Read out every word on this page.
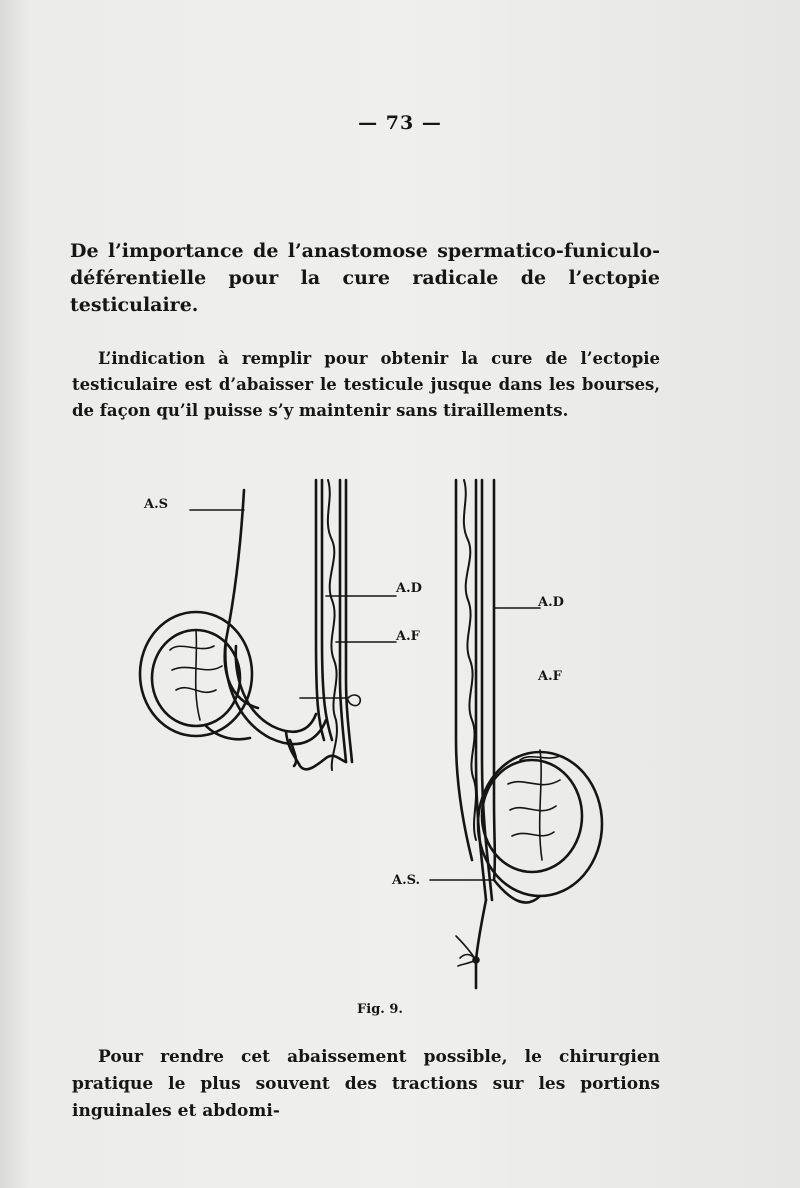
— 73 —
De l’importance de l’anastomose spermatico-funiculo-déférentielle pour la cure radicale de l’ectopie testiculaire.
L’indication à remplir pour obtenir la cure de l’ectopie testiculaire est d’abaisser le testicule jusque dans les bourses, de façon qu’il puisse s’y maintenir sans tiraillements.
A.S
A.D
A.F
A.D
A.F
A.S.
Fig. 9.
Pour rendre cet abaissement possible, le chirurgien pratique le plus souvent des tractions sur les portions inguinales et abdomi-
